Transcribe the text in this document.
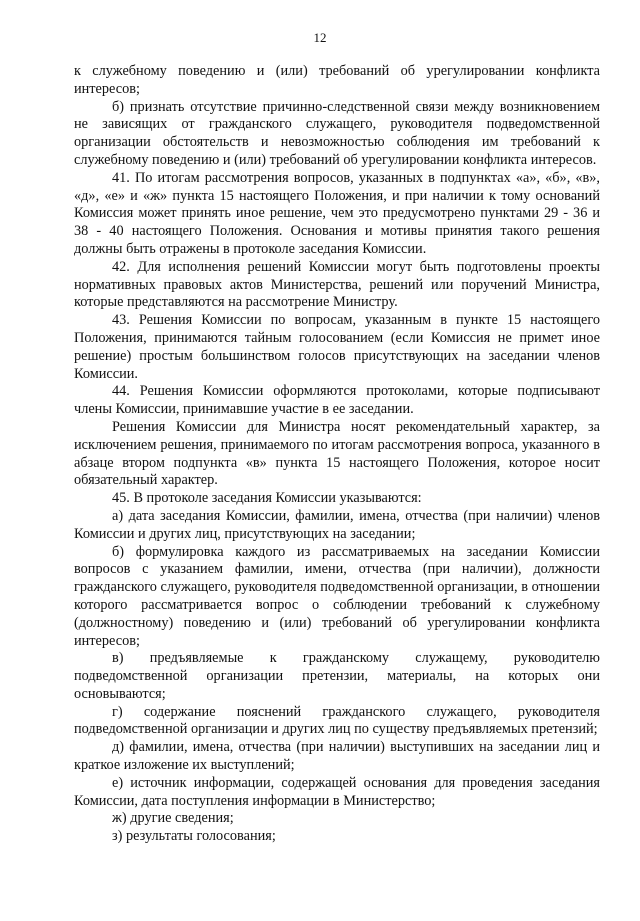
12

к служебному поведению и (или) требований об урегулировании конфликта интересов;

б) признать отсутствие причинно-следственной связи между возникновением не зависящих от гражданского служащего, руководителя подведомственной организации обстоятельств и невозможностью соблюдения им требований к служебному поведению и (или) требований об урегулировании конфликта интересов.

41. По итогам рассмотрения вопросов, указанных в подпунктах «а», «б», «в», «д», «е» и «ж» пункта 15 настоящего Положения, и при наличии к тому оснований Комиссия может принять иное решение, чем это предусмотрено пунктами 29 - 36 и 38 - 40 настоящего Положения. Основания и мотивы принятия такого решения должны быть отражены в протоколе заседания Комиссии.

42. Для исполнения решений Комиссии могут быть подготовлены проекты нормативных правовых актов Министерства, решений или поручений Министра, которые представляются на рассмотрение Министру.

43. Решения Комиссии по вопросам, указанным в пункте 15 настоящего Положения, принимаются тайным голосованием (если Комиссия не примет иное решение) простым большинством голосов присутствующих на заседании членов Комиссии.

44. Решения Комиссии оформляются протоколами, которые подписывают члены Комиссии, принимавшие участие в ее заседании.

Решения Комиссии для Министра носят рекомендательный характер, за исключением решения, принимаемого по итогам рассмотрения вопроса, указанного в абзаце втором подпункта «в» пункта 15 настоящего Положения, которое носит обязательный характер.

45. В протоколе заседания Комиссии указываются:

а) дата заседания Комиссии, фамилии, имена, отчества (при наличии) членов Комиссии и других лиц, присутствующих на заседании;

б) формулировка каждого из рассматриваемых на заседании Комиссии вопросов с указанием фамилии, имени, отчества (при наличии), должности гражданского служащего, руководителя подведомственной организации, в отношении которого рассматривается вопрос о соблюдении требований к служебному (должностному) поведению и (или) требований об урегулировании конфликта интересов;

в) предъявляемые к гражданскому служащему, руководителю подведомственной организации претензии, материалы, на которых они основываются;

г) содержание пояснений гражданского служащего, руководителя подведомственной организации и других лиц по существу предъявляемых претензий;

д) фамилии, имена, отчества (при наличии) выступивших на заседании лиц и краткое изложение их выступлений;

е) источник информации, содержащей основания для проведения заседания Комиссии, дата поступления информации в Министерство;

ж) другие сведения;

з) результаты голосования;
